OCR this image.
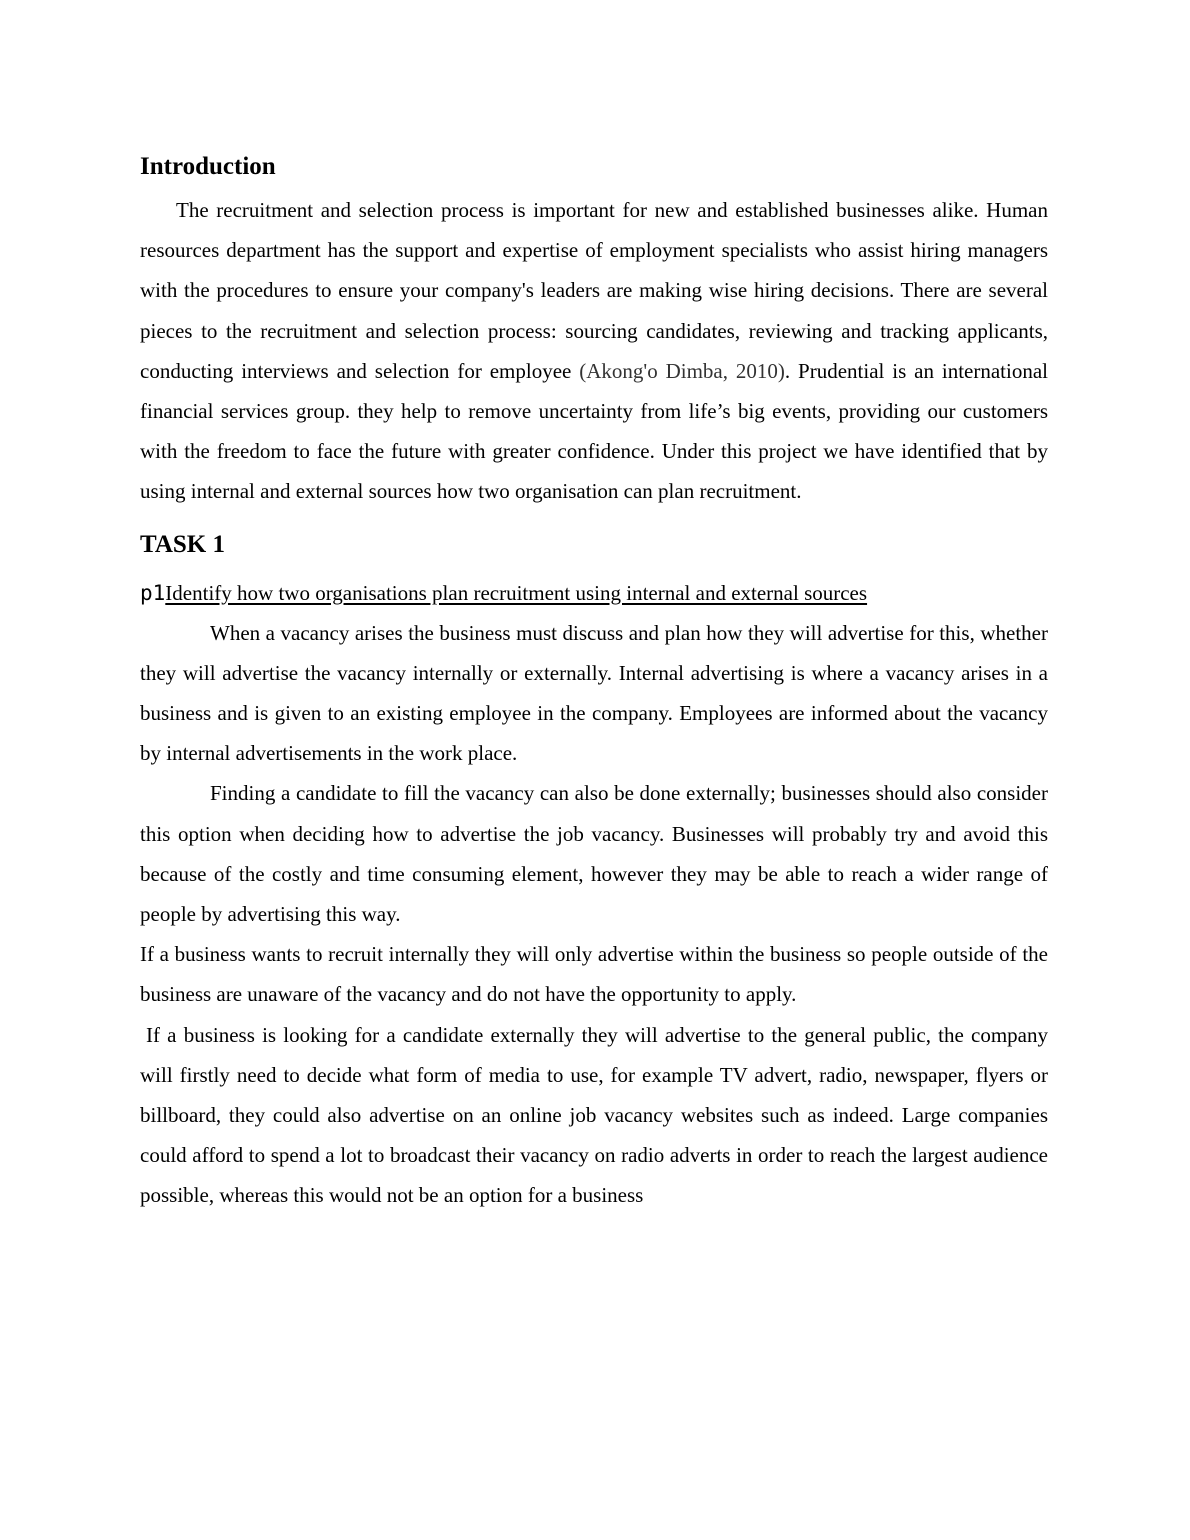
Introduction

The recruitment and selection process is important for new and established businesses alike. Human resources department has the support and expertise of employment specialists who assist hiring managers with the procedures to ensure your company's leaders are making wise hiring decisions. There are several pieces to the recruitment and selection process: sourcing candidates, reviewing and tracking applicants, conducting interviews and selection for employee (Akong'o Dimba, 2010). Prudential is an international financial services group. they help to remove uncertainty from life’s big events, providing our customers with the freedom to face the future with greater confidence. Under this project we have identified that by using internal and external sources how two organisation can plan recruitment.

TASK 1

p1Identify how two organisations plan recruitment using internal and external sources

When a vacancy arises the business must discuss and plan how they will advertise for this, whether they will advertise the vacancy internally or externally. Internal advertising is where a vacancy arises in a business and is given to an existing employee in the company. Employees are informed about the vacancy by internal advertisements in the work place.

Finding a candidate to fill the vacancy can also be done externally; businesses should also consider this option when deciding how to advertise the job vacancy. Businesses will probably try and avoid this because of the costly and time consuming element, however they may be able to reach a wider range of people by advertising this way.

If a business wants to recruit internally they will only advertise within the business so people outside of the business are unaware of the vacancy and do not have the opportunity to apply.

If a business is looking for a candidate externally they will advertise to the general public, the company will firstly need to decide what form of media to use, for example TV advert, radio, newspaper, flyers or billboard, they could also advertise on an online job vacancy websites such as indeed. Large companies could afford to spend a lot to broadcast their vacancy on radio adverts in order to reach the largest audience possible, whereas this would not be an option for a business
